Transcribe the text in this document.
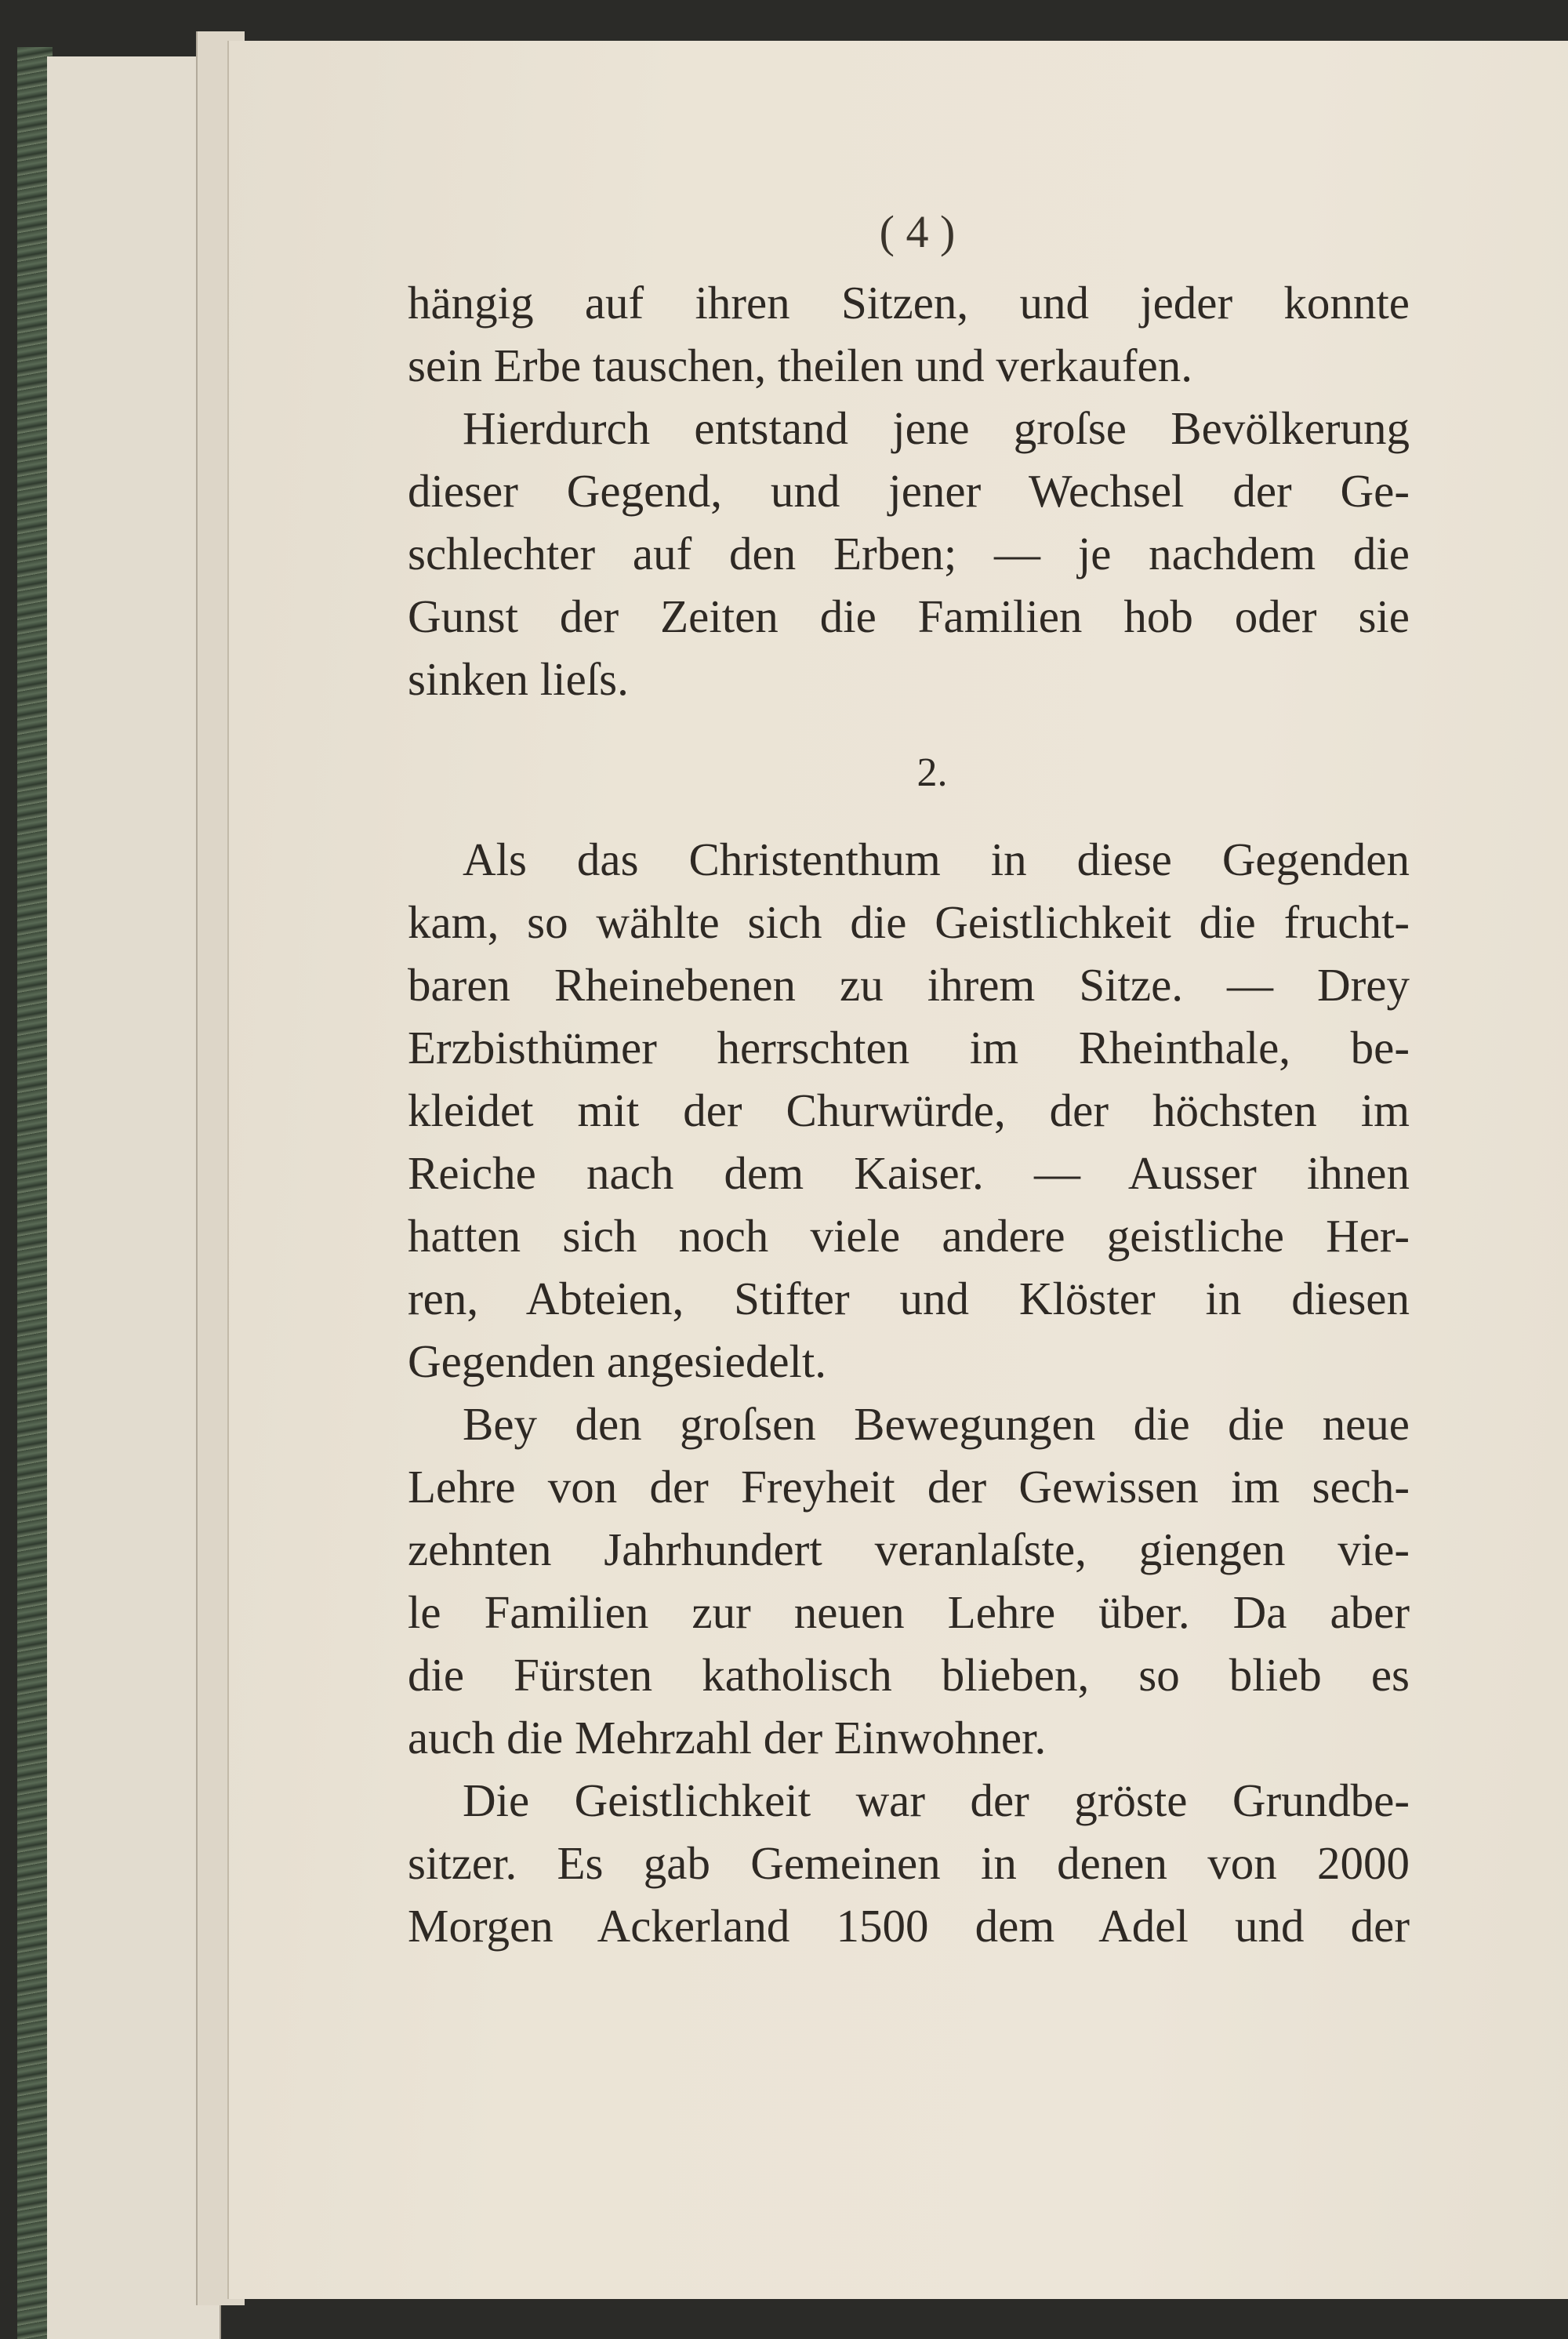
( 4 )
hängig auf ihren Sitzen, und jeder konnte
sein Erbe tauschen, theilen und verkaufen.
Hierdurch entstand jene groſse Bevölkerung
dieser Gegend, und jener Wechsel der Ge-
schlechter auf den Erben; — je nachdem die
Gunst der Zeiten die Familien hob oder sie
sinken lieſs.
2.
Als das Christenthum in diese Gegenden
kam, so wählte sich die Geistlichkeit die frucht-
baren Rheinebenen zu ihrem Sitze. — Drey
Erzbisthümer herrschten im Rheinthale, be-
kleidet mit der Churwürde, der höchsten im
Reiche nach dem Kaiser. — Ausser ihnen
hatten sich noch viele andere geistliche Her-
ren, Abteien, Stifter und Klöster in diesen
Gegenden angesiedelt.
Bey den groſsen Bewegungen die die neue
Lehre von der Freyheit der Gewissen im sech-
zehnten Jahrhundert veranlaſste, giengen vie-
le Familien zur neuen Lehre über. Da aber
die Fürsten katholisch blieben, so blieb es
auch die Mehrzahl der Einwohner.
Die Geistlichkeit war der gröste Grundbe-
sitzer. Es gab Gemeinen in denen von 2000
Morgen Ackerland 1500 dem Adel und der
